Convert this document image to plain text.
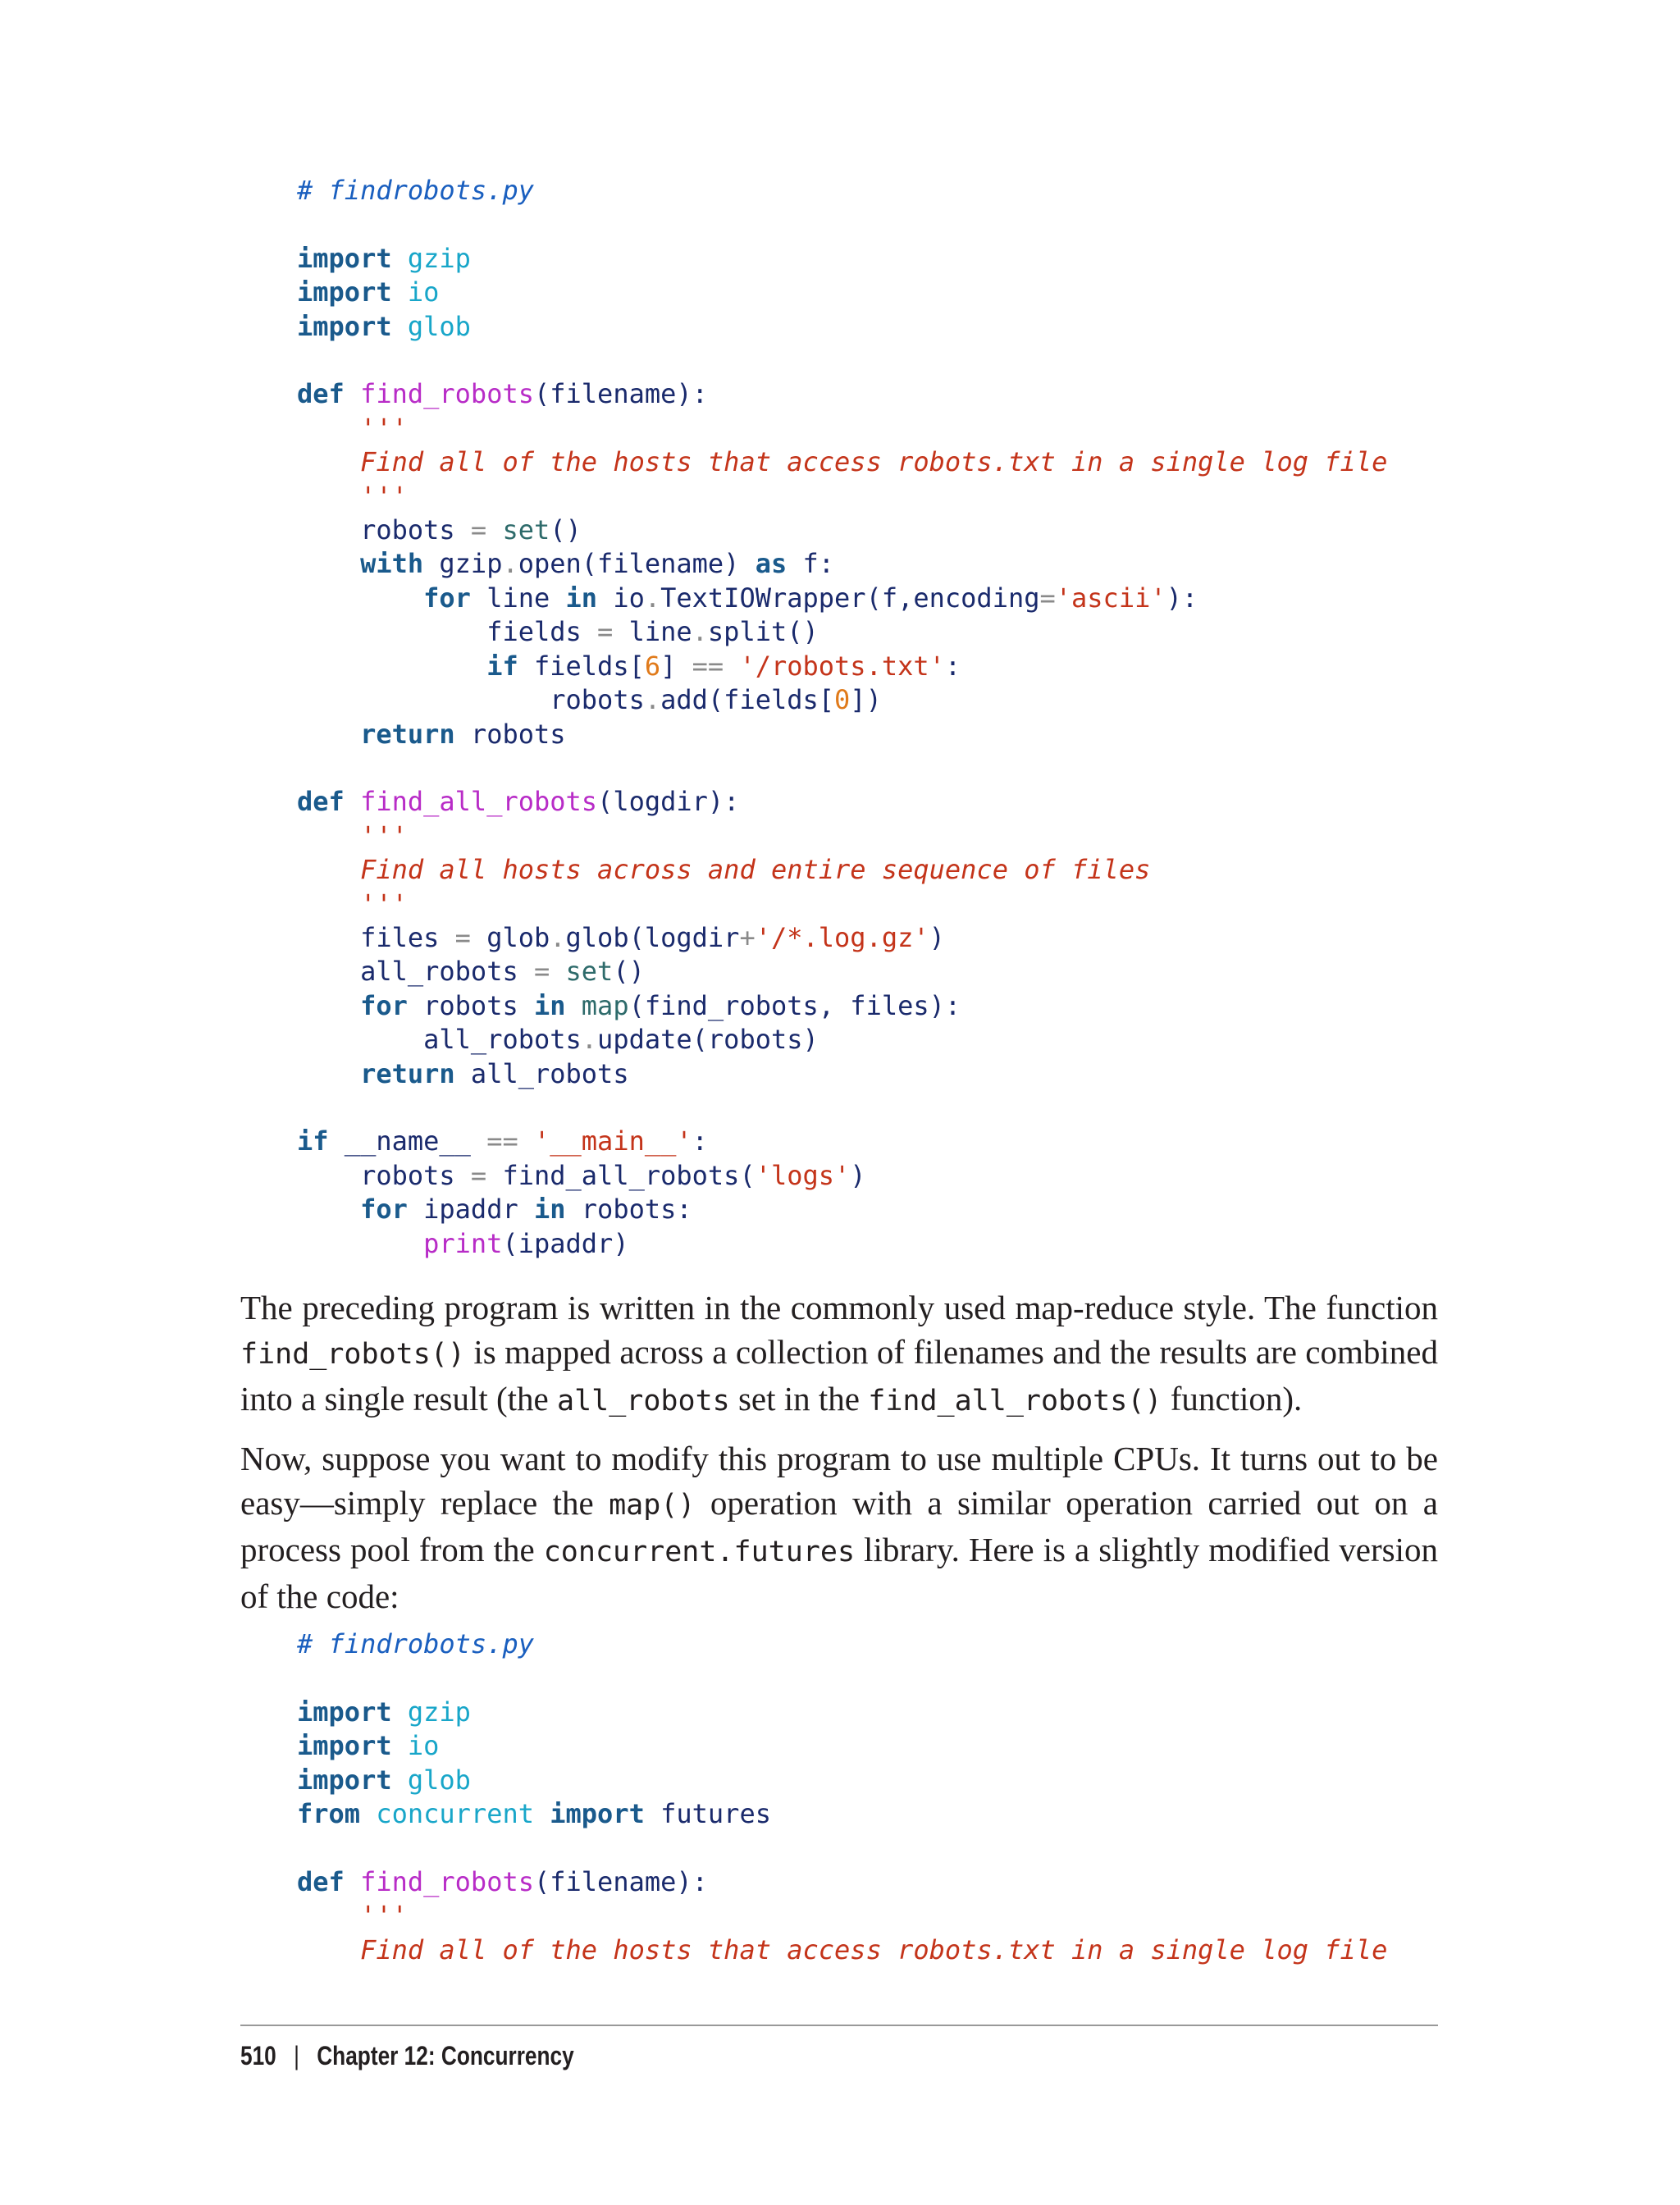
# findrobots.py

import gzip
import io
import glob

def find_robots(filename):
'''
Find all of the hosts that access robots.txt in a single log file
'''
robots = set()
with gzip.open(filename) as f:
for line in io.TextIOWrapper(f,encoding='ascii'):
fields = line.split()
if fields[6] == '/robots.txt':
robots.add(fields[0])
return robots

def find_all_robots(logdir):
'''
Find all hosts across and entire sequence of files
'''
files = glob.glob(logdir+'/*.log.gz')
all_robots = set()
for robots in map(find_robots, files):
all_robots.update(robots)
return all_robots

if __name__ == '__main__':
robots = find_all_robots('logs')
for ipaddr in robots:
print(ipaddr)

The preceding program is written in the commonly used map-reduce style. The function find_robots() is mapped across a collection of filenames and the results are combined into a single result (the all_robots set in the find_all_robots() function).

Now, suppose you want to modify this program to use multiple CPUs. It turns out to be easy—simply replace the map() operation with a similar operation carried out on a process pool from the concurrent.futures library. Here is a slightly modified version of the code:

# findrobots.py

import gzip
import io
import glob
from concurrent import futures

def find_robots(filename):
'''
Find all of the hosts that access robots.txt in a single log file
510 | Chapter 12: Concurrency
